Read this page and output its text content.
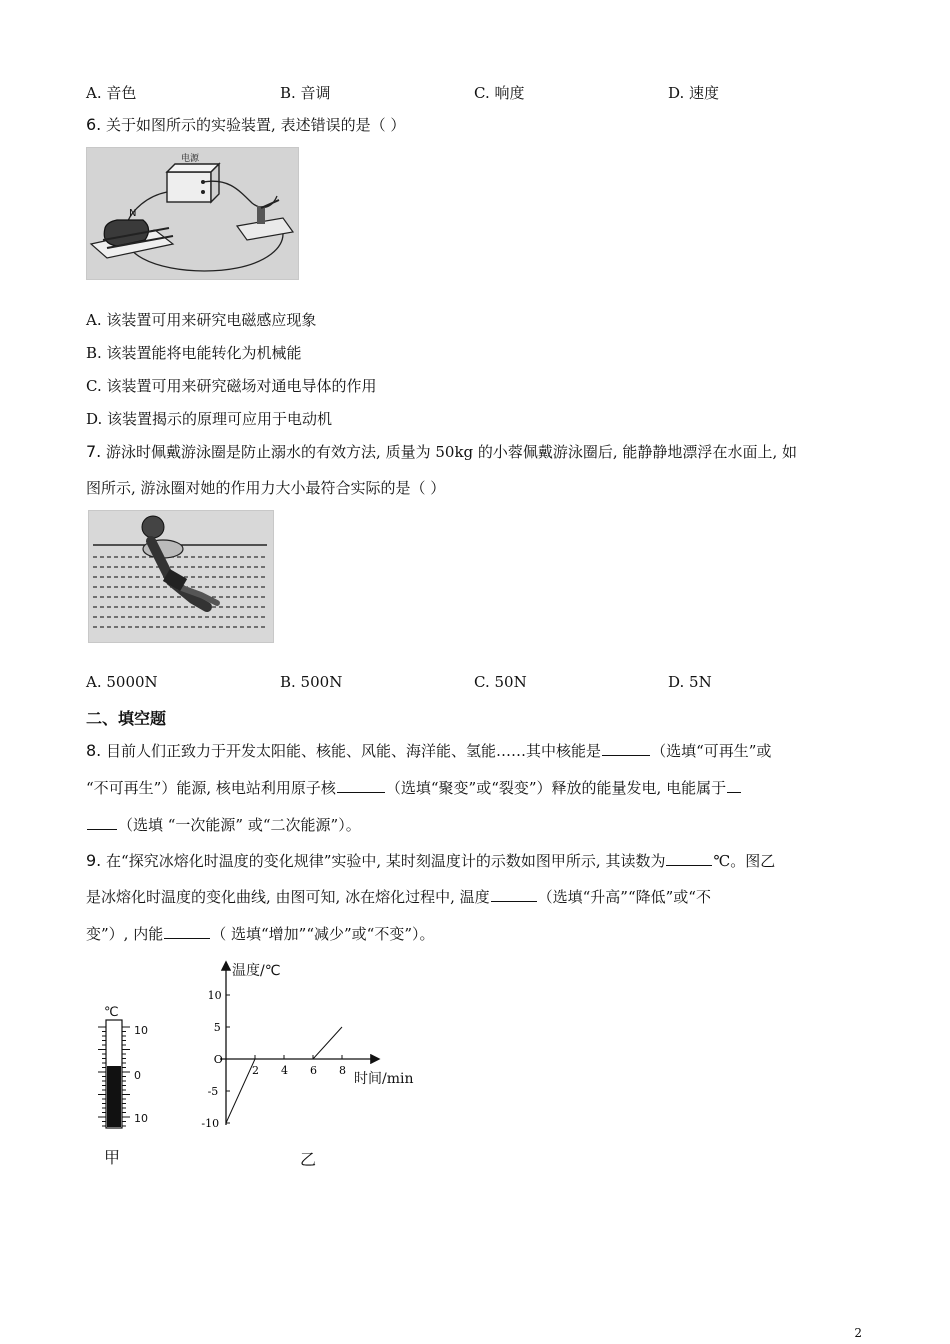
A. 音色	B. 音调	C. 响度	D. 速度
6. 关于如图所示的实验装置, 表述错误的是（ ）
电源
N
A. 该装置可用来研究电磁感应现象
B. 该装置能将电能转化为机械能
C. 该装置可用来研究磁场对通电导体的作用
D. 该装置揭示的原理可应用于电动机
7. 游泳时佩戴游泳圈是防止溺水的有效方法, 质量为 50kg 的小蓉佩戴游泳圈后, 能静静地漂浮在水面上, 如
图所示, 游泳圈对她的作用力大小最符合实际的是（ ）
A. 5000N	B. 500N	C. 50N	D. 5N
二、填空题
8. 目前人们正致力于开发太阳能、核能、风能、海洋能、氢能……其中核能是	（选填“可再生”或
“不可再生”）能源, 核电站利用原子核	（选填“聚变”或“裂变”）释放的能量发电, 电能属于
（选填 “一次能源” 或“二次能源”）。
9. 在“探究冰熔化时温度的变化规律”实验中, 某时刻温度计的示数如图甲所示, 其读数为	℃。图乙
是冰熔化时温度的变化曲线, 由图可知, 冰在熔化过程中, 温度	（选填“升高”“降低”或“不
变”）, 内能	（ 选填“增加”“减少”或“不变”）。
℃
10
0
10
甲
温度/℃
时间/min
2 4 6 8
10
5
O
-5
-10
乙
2
